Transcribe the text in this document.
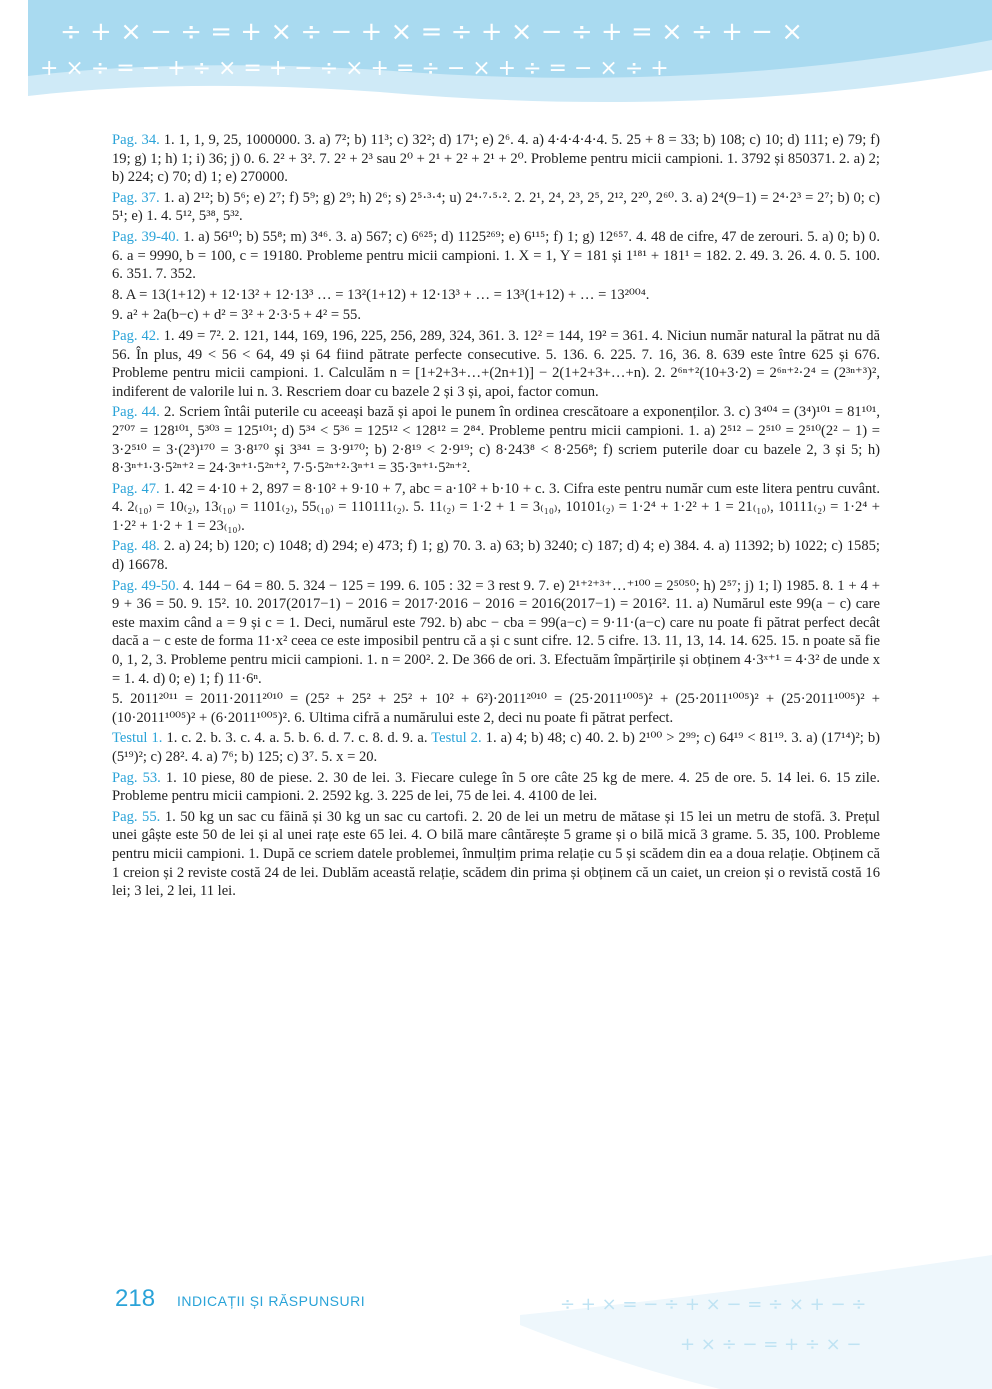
÷ + × − ÷ = + × ÷ − + × = ÷ + × − ÷ + = × ÷ + − ×
+ × ÷ = − + ÷ × = + − ÷ × + = ÷ − × + ÷ = − × ÷ +
÷ + × = − ÷ + × − = ÷ × + − ÷
+ × ÷ − = + ÷ × −

Pag. 34. 1. 1, 1, 9, 25, 1000000. 3. a) 7²; b) 11³; c) 32²; d) 17¹; e) 2⁶. 4. a) 4·4·4·4·4. 5. 25 + 8 = 33; b) 108; c) 10; d) 111; e) 79; f) 19; g) 1; h) 1; i) 36; j) 0. 6. 2² + 3². 7. 2² + 2³ sau 2⁰ + 2¹ + 2² + 2¹ + 2⁰. Probleme pentru micii campioni. 1. 3792 și 850371. 2. a) 2; b) 224; c) 70; d) 1; e) 270000.

Pag. 37. 1. a) 2¹²; b) 5⁶; e) 2⁷; f) 5⁹; g) 2⁹; h) 2⁶; s) 2⁵·³·⁴; u) 2⁴·⁷·⁵·². 2. 2¹, 2⁴, 2³, 2⁵, 2¹², 2²⁰, 2⁶⁰. 3. a) 2⁴(9−1) = 2⁴·2³ = 2⁷; b) 0; c) 5¹; e) 1. 4. 5¹², 5³⁸, 5³².

Pag. 39-40. 1. a) 56¹⁰; b) 55⁸; m) 3⁴⁶. 3. a) 567; c) 6⁶²⁵; d) 1125²⁶⁹; e) 6¹¹⁵; f) 1; g) 12⁶⁵⁷. 4. 48 de cifre, 47 de zerouri. 5. a) 0; b) 0. 6. a = 9990, b = 100, c = 19180. Probleme pentru micii campioni. 1. X = 1, Y = 181 și 1¹⁸¹ + 181¹ = 182. 2. 49. 3. 26. 4. 0. 5. 100. 6. 351. 7. 352.

8. A = 13(1+12) + 12·13² + 12·13³ … = 13²(1+12) + 12·13³ + … = 13³(1+12) + … = 13²⁰⁰⁴.

9. a² + 2a(b−c) + d² = 3² + 2·3·5 + 4² = 55.

Pag. 42. 1. 49 = 7². 2. 121, 144, 169, 196, 225, 256, 289, 324, 361. 3. 12² = 144, 19² = 361. 4. Niciun număr natural la pătrat nu dă 56. În plus, 49 < 56 < 64, 49 și 64 fiind pătrate perfecte consecutive. 5. 136. 6. 225. 7. 16, 36. 8. 639 este între 625 și 676. Probleme pentru micii campioni. 1. Calculăm n = [1+2+3+…+(2n+1)] − 2(1+2+3+…+n). 2. 2⁶ⁿ⁺²(10+3·2) = 2⁶ⁿ⁺²·2⁴ = (2³ⁿ⁺³)², indiferent de valorile lui n. 3. Rescriem doar cu bazele 2 și 3 și, apoi, factor comun.

Pag. 44. 2. Scriem întâi puterile cu aceeași bază și apoi le punem în ordinea crescătoare a exponenților. 3. c) 3⁴⁰⁴ = (3⁴)¹⁰¹ = 81¹⁰¹, 2⁷⁰⁷ = 128¹⁰¹, 5³⁰³ = 125¹⁰¹; d) 5³⁴ < 5³⁶ = 125¹² < 128¹² = 2⁸⁴. Probleme pentru micii campioni. 1. a) 2⁵¹² − 2⁵¹⁰ = 2⁵¹⁰(2² − 1) = 3·2⁵¹⁰ = 3·(2³)¹⁷⁰ = 3·8¹⁷⁰ și 3³⁴¹ = 3·9¹⁷⁰; b) 2·8¹⁹ < 2·9¹⁹; c) 8·243⁸ < 8·256⁸; f) scriem puterile doar cu bazele 2, 3 și 5; h) 8·3ⁿ⁺¹·3·5²ⁿ⁺² = 24·3ⁿ⁺¹·5²ⁿ⁺², 7·5·5²ⁿ⁺²·3ⁿ⁺¹ = 35·3ⁿ⁺¹·5²ⁿ⁺².

Pag. 47. 1. 42 = 4·10 + 2, 897 = 8·10² + 9·10 + 7, abc = a·10² + b·10 + c. 3. Cifra este pentru număr cum este litera pentru cuvânt. 4. 2₍₁₀₎ = 10₍₂₎, 13₍₁₀₎ = 1101₍₂₎, 55₍₁₀₎ = 110111₍₂₎. 5. 11₍₂₎ = 1·2 + 1 = 3₍₁₀₎, 10101₍₂₎ = 1·2⁴ + 1·2² + 1 = 21₍₁₀₎, 10111₍₂₎ = 1·2⁴ + 1·2² + 1·2 + 1 = 23₍₁₀₎.

Pag. 48. 2. a) 24; b) 120; c) 1048; d) 294; e) 473; f) 1; g) 70. 3. a) 63; b) 3240; c) 187; d) 4; e) 384. 4. a) 11392; b) 1022; c) 1585; d) 16678.

Pag. 49-50. 4. 144 − 64 = 80. 5. 324 − 125 = 199. 6. 105 : 32 = 3 rest 9. 7. e) 2¹⁺²⁺³⁺…⁺¹⁰⁰ = 2⁵⁰⁵⁰; h) 2⁵⁷; j) 1; l) 1985. 8. 1 + 4 + 9 + 36 = 50. 9. 15². 10. 2017(2017−1) − 2016 = 2017·2016 − 2016 = 2016(2017−1) = 2016². 11. a) Numărul este 99(a − c) care este maxim când a = 9 și c = 1. Deci, numărul este 792. b) abc − cba = 99(a−c) = 9·11·(a−c) care nu poate fi pătrat perfect decât dacă a − c este de forma 11·x² ceea ce este imposibil pentru că a și c sunt cifre. 12. 5 cifre. 13. 11, 13, 14. 14. 625. 15. n poate să fie 0, 1, 2, 3. Probleme pentru micii campioni. 1. n = 200². 2. De 366 de ori. 3. Efectuăm împărțirile și obținem 4·3ˣ⁺¹ = 4·3² de unde x = 1. 4. d) 0; e) 1; f) 11·6ⁿ.

5. 2011²⁰¹¹ = 2011·2011²⁰¹⁰ = (25² + 25² + 25² + 10² + 6²)·2011²⁰¹⁰ = (25·2011¹⁰⁰⁵)² + (25·2011¹⁰⁰⁵)² + (25·2011¹⁰⁰⁵)² + (10·2011¹⁰⁰⁵)² + (6·2011¹⁰⁰⁵)². 6. Ultima cifră a numărului este 2, deci nu poate fi pătrat perfect.

Testul 1. 1. c. 2. b. 3. c. 4. a. 5. b. 6. d. 7. c. 8. d. 9. a. Testul 2. 1. a) 4; b) 48; c) 40. 2. b) 2¹⁰⁰ > 2⁹⁹; c) 64¹⁹ < 81¹⁹. 3. a) (17¹⁴)²; b) (5¹⁹)²; c) 28². 4. a) 7⁶; b) 125; c) 3⁷. 5. x = 20.

Pag. 53. 1. 10 piese, 80 de piese. 2. 30 de lei. 3. Fiecare culege în 5 ore câte 25 kg de mere. 4. 25 de ore. 5. 14 lei. 6. 15 zile. Probleme pentru micii campioni. 2. 2592 kg. 3. 225 de lei, 75 de lei. 4. 4100 de lei.

Pag. 55. 1. 50 kg un sac cu făină și 30 kg un sac cu cartofi. 2. 20 de lei un metru de mătase și 15 lei un metru de stofă. 3. Prețul unei gâște este 50 de lei și al unei rațe este 65 lei. 4. O bilă mare cântărește 5 grame și o bilă mică 3 grame. 5. 35, 100. Probleme pentru micii campioni. 1. După ce scriem datele problemei, înmulțim prima relație cu 5 și scădem din ea a doua relație. Obținem că 1 creion și 2 reviste costă 24 de lei. Dublăm această relație, scădem din prima și obținem că un caiet, un creion și o revistă costă 16 lei; 3 lei, 2 lei, 11 lei.

218 INDICAȚII ȘI RĂSPUNSURI
